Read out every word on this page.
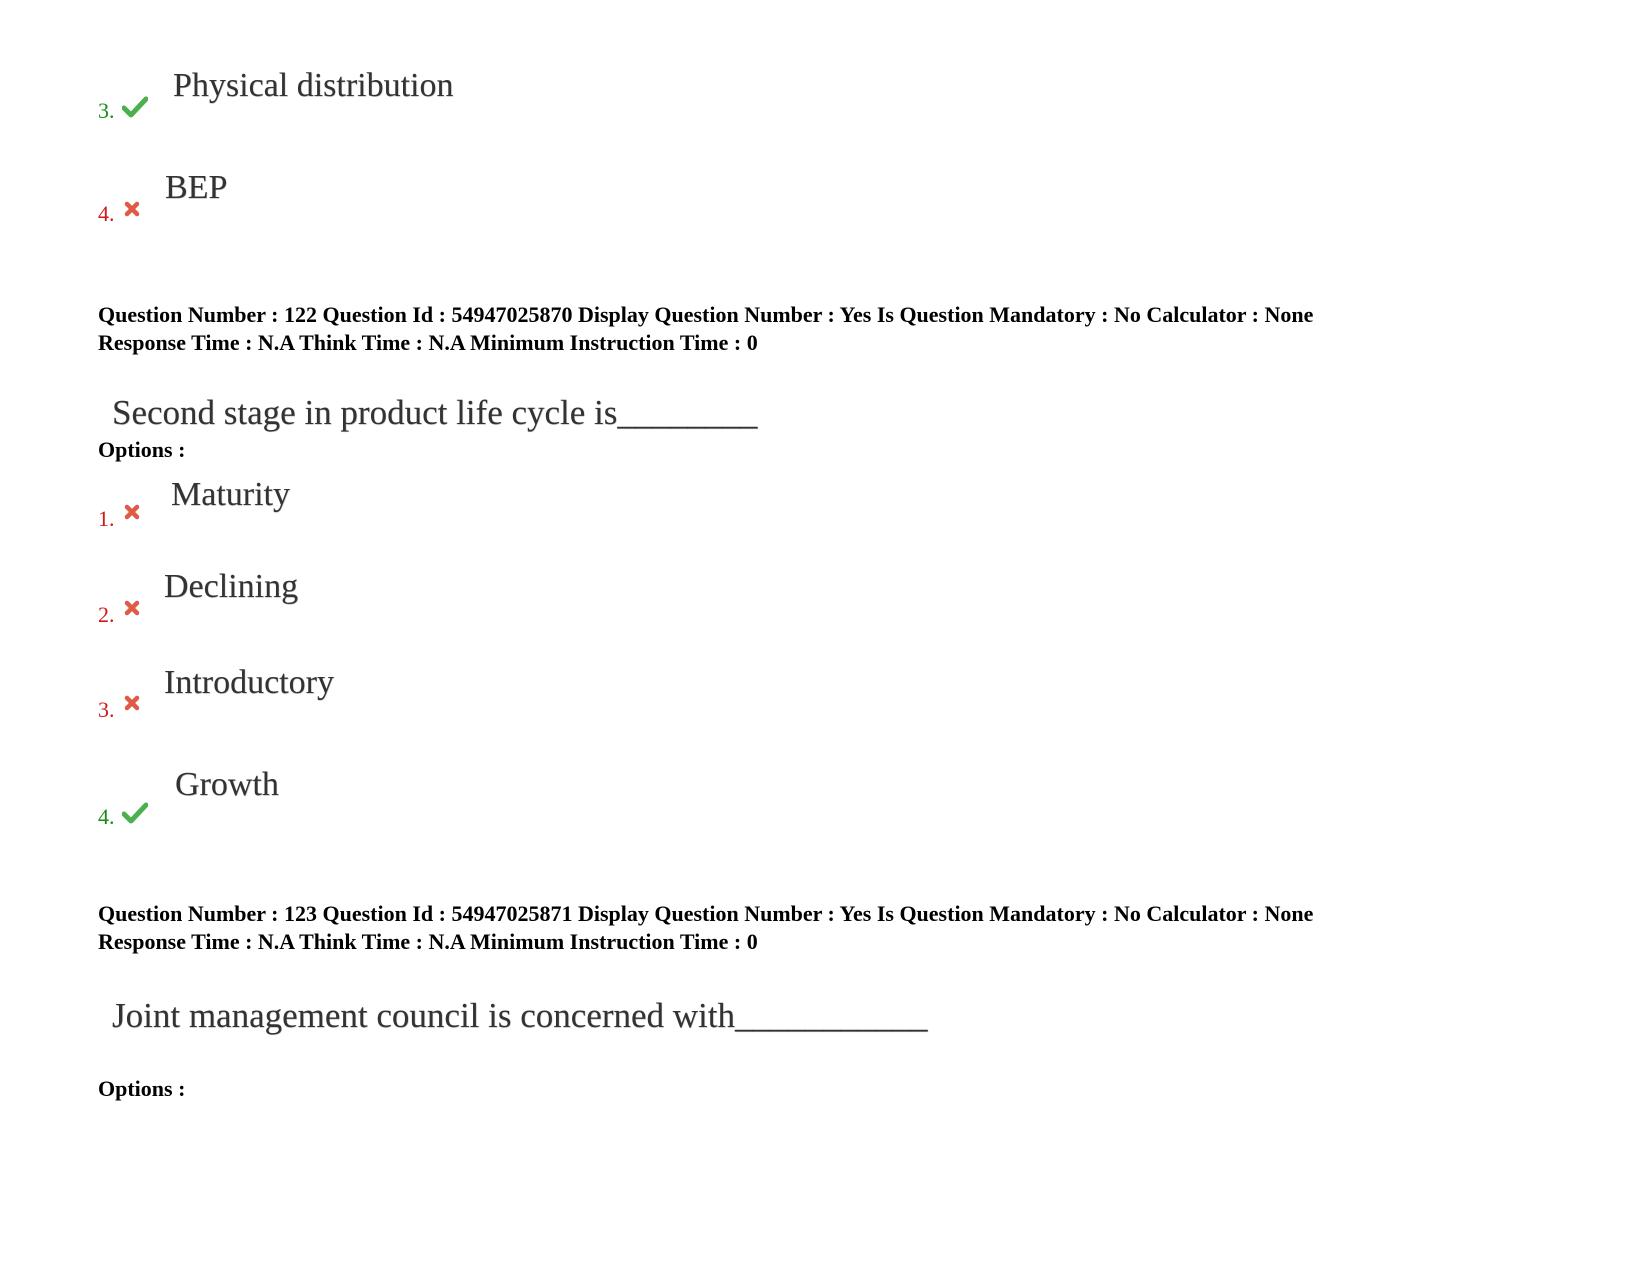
3.
Physical distribution
4.
BEP
Question Number : 122 Question Id : 54947025870 Display Question Number : Yes Is Question Mandatory : No Calculator : None
Response Time : N.A Think Time : N.A Minimum Instruction Time : 0
Second stage in product life cycle is________
Options :
1.
Maturity
2.
Declining
3.
Introductory
4.
Growth
Question Number : 123 Question Id : 54947025871 Display Question Number : Yes Is Question Mandatory : No Calculator : None
Response Time : N.A Think Time : N.A Minimum Instruction Time : 0
Joint management council is concerned with___________
Options :
